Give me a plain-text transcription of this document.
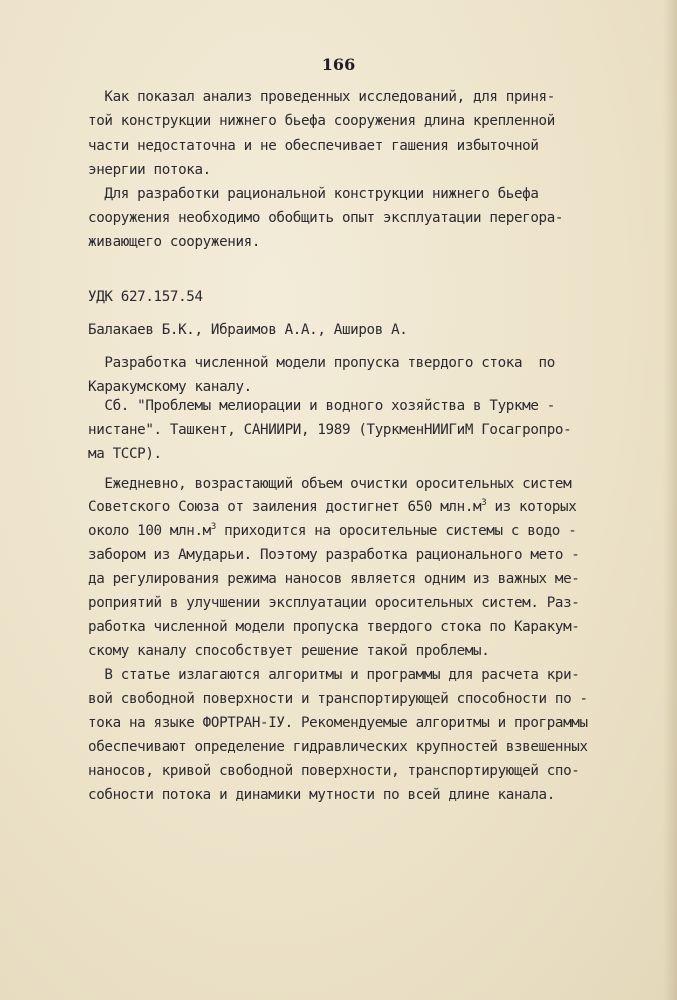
166
Как показал анализ проведенных исследований, для приня-
той конструкции нижнего бьефа сооружения длина крепленной
части недостаточна и не обеспечивает гашения избыточной
энергии потока.
Для разработки рациональной конструкции нижнего бьефа
сооружения необходимо обобщить опыт эксплуатации перегора-
живающего сооружения.
УДК 627.157.54
Балакаев Б.К., Ибраимов А.А., Аширов А.
Разработка численной модели пропуска твердого стока  по
Каракумскому каналу.
Сб. "Проблемы мелиорации и водного хозяйства в Туркме -
нистане". Ташкент, САНИИРИ, 1989 (ТуркменНИИГиМ Госагропро-
ма ТССР).
Ежедневно, возрастающий объем очистки оросительных систем
Советского Союза от заиления достигнет 650 $млн.м^3$ из которых
около 100 $млн.м^3$ приходится на оросительные системы с водо -
забором из Амударьи. Поэтому разработка рационального мето -
да регулирования режима наносов является одним из важных ме-
роприятий в улучшении эксплуатации оросительных систем. Раз-
работка численной модели пропуска твердого стока по Каракум-
скому каналу способствует решение такой проблемы.
В статье излагаются алгоритмы и программы для расчета кри-
вой свободной поверхности и транспортирующей способности по -
тока на языке ФОРТРАН-IУ. Рекомендуемые алгоритмы и программы
обеспечивают определение гидравлических крупностей взвешенных
наносов, кривой свободной поверхности, транспортирующей спо-
собности потока и динамики мутности по всей длине канала.
